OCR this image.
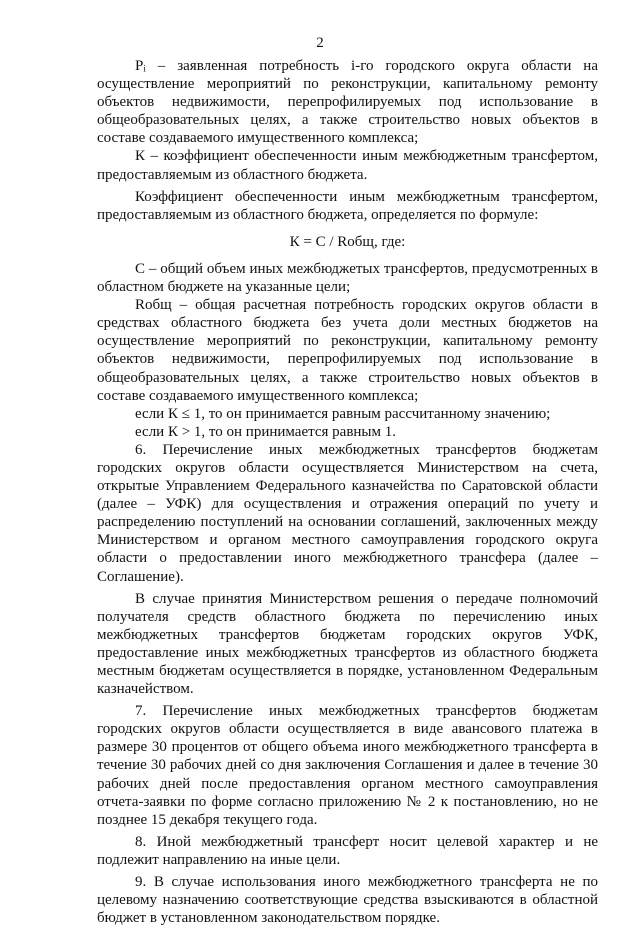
2

Pᵢ – заявленная потребность i-го городского округа области на осуществление мероприятий по реконструкции, капитальному ремонту объектов недвижимости, перепрофилируемых под использование в общеобразовательных целях, а также строительство новых объектов в составе создаваемого имущественного комплекса;

К – коэффициент обеспеченности иным межбюджетным трансфертом, предоставляемым из областного бюджета.

Коэффициент обеспеченности иным межбюджетным трансфертом, предоставляемым из областного бюджета, определяется по формуле:

К = С / Rобщ, где:

С – общий объем иных межбюджетых трансфертов, предусмотренных в областном бюджете на указанные цели;

Rобщ – общая расчетная потребность городских округов области в средствах областного бюджета без учета доли местных бюджетов на осуществление мероприятий по реконструкции, капитальному ремонту объектов недвижимости, перепрофилируемых под использование в общеобразовательных целях, а также строительство новых объектов в составе создаваемого имущественного комплекса;

если К ≤ 1, то он принимается равным рассчитанному значению;

если К > 1, то он принимается равным 1.

6. Перечисление иных межбюджетных трансфертов бюджетам городских округов области осуществляется Министерством на счета, открытые Управлением Федерального казначейства по Саратовской области (далее – УФК) для осуществления и отражения операций по учету и распределению поступлений на основании соглашений, заключенных между Министерством и органом местного самоуправления городского округа области о предоставлении иного межбюджетного трансфера (далее – Соглашение).

В случае принятия Министерством решения о передаче полномочий получателя средств областного бюджета по перечислению иных межбюджетных трансфертов бюджетам городских округов УФК, предоставление иных межбюджетных трансфертов из областного бюджета местным бюджетам осуществляется в порядке, установленном Федеральным казначейством.

7. Перечисление иных межбюджетных трансфертов бюджетам городских округов области осуществляется в виде авансового платежа в размере 30 процентов от общего объема иного межбюджетного трансферта в течение 30 рабочих дней со дня заключения Соглашения и далее в течение 30 рабочих дней после предоставления органом местного самоуправления отчета-заявки по форме согласно приложению № 2 к постановлению, но не позднее 15 декабря текущего года.

8. Иной межбюджетный трансферт носит целевой характер и не подлежит направлению на иные цели.

9. В случае использования иного межбюджетного трансферта не по целевому назначению соответствующие средства взыскиваются в областной бюджет в установленном законодательством порядке.
